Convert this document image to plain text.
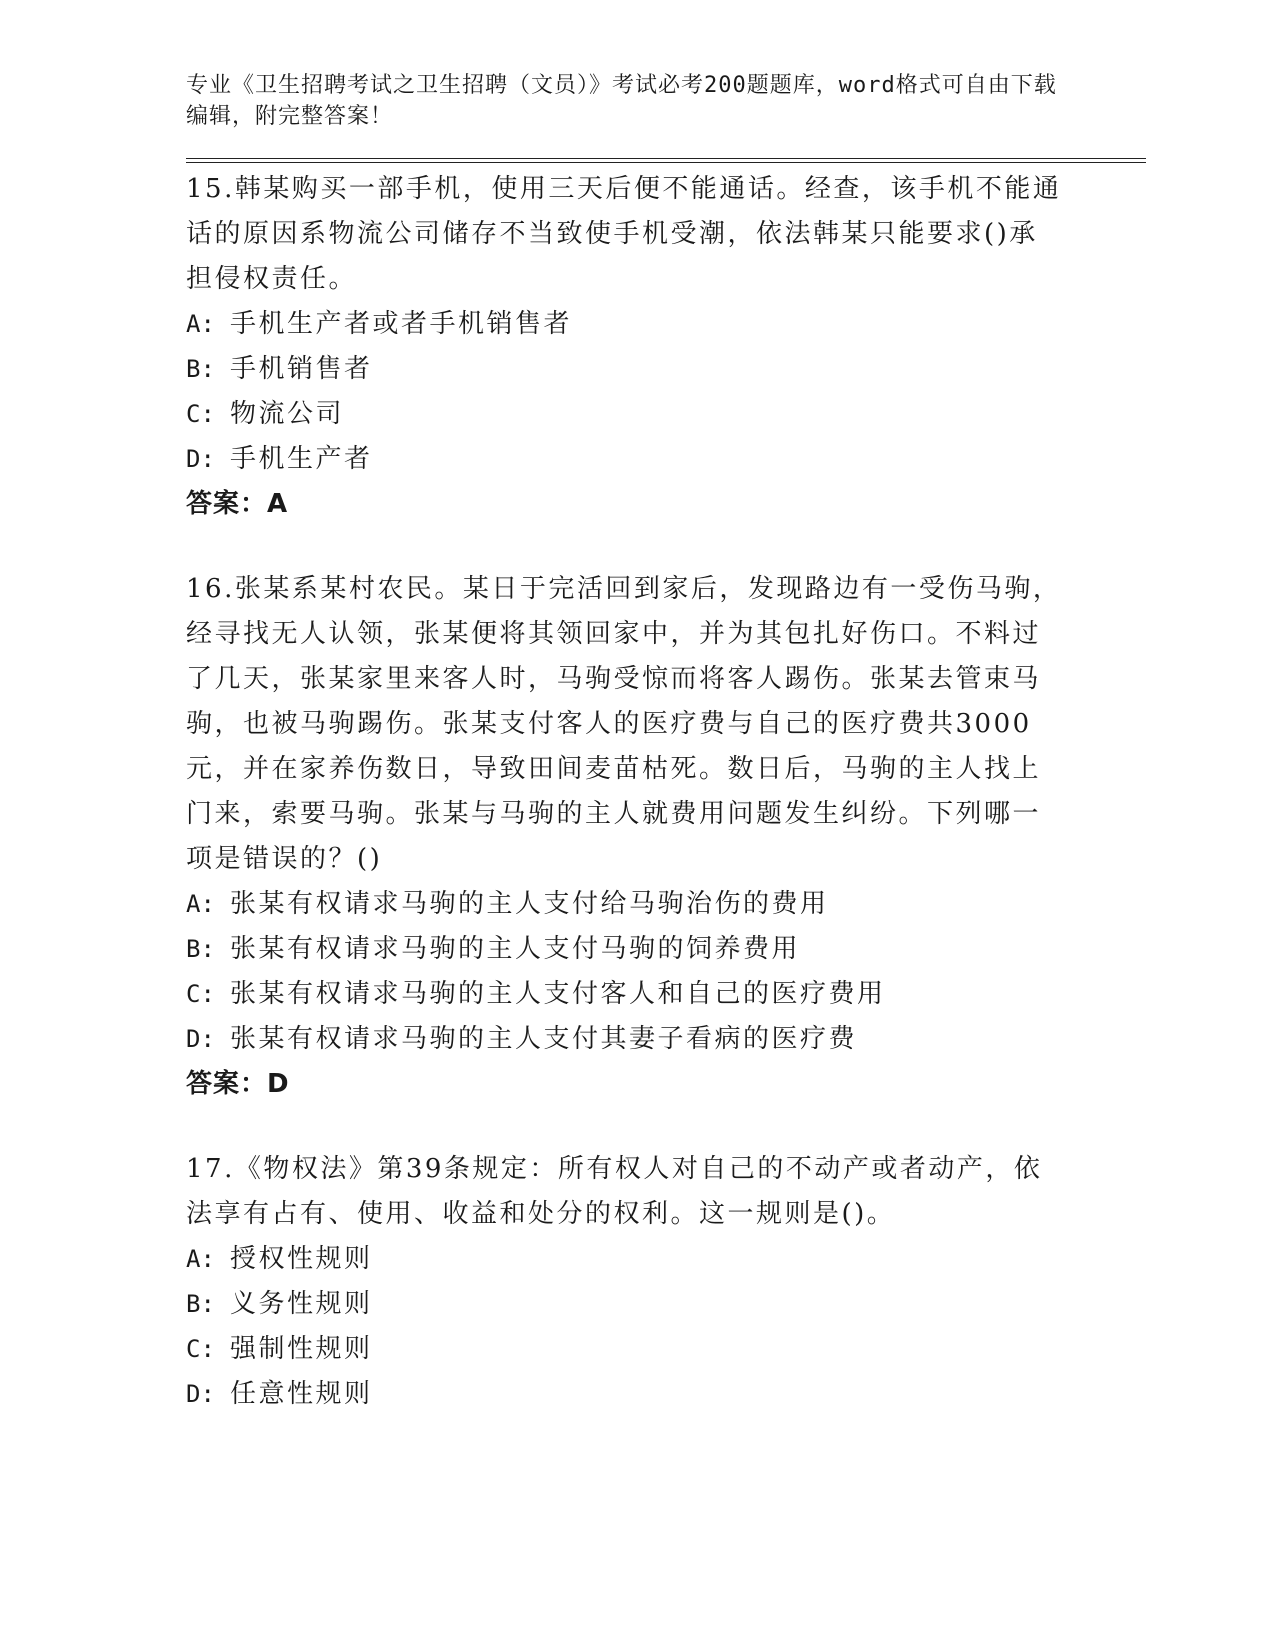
专业《卫生招聘考试之卫生招聘（文员）》考试必考200题题库，word格式可自由下载编辑，附完整答案！
15.韩某购买一部手机，使用三天后便不能通话。经查，该手机不能通话的原因系物流公司储存不当致使手机受潮，依法韩某只能要求()承担侵权责任。
A: 手机生产者或者手机销售者
B: 手机销售者
C: 物流公司
D: 手机生产者
答案：A
16.张某系某村农民。某日于完活回到家后，发现路边有一受伤马驹，经寻找无人认领，张某便将其领回家中，并为其包扎好伤口。不料过了几天，张某家里来客人时，马驹受惊而将客人踢伤。张某去管束马驹，也被马驹踢伤。张某支付客人的医疗费与自己的医疗费共3000元，并在家养伤数日，导致田间麦苗枯死。数日后，马驹的主人找上门来，索要马驹。张某与马驹的主人就费用问题发生纠纷。下列哪一项是错误的？()
A: 张某有权请求马驹的主人支付给马驹治伤的费用
B: 张某有权请求马驹的主人支付马驹的饲养费用
C: 张某有权请求马驹的主人支付客人和自己的医疗费用
D: 张某有权请求马驹的主人支付其妻子看病的医疗费
答案：D
17.《物权法》第39条规定：所有权人对自己的不动产或者动产，依法享有占有、使用、收益和处分的权利。这一规则是()。
A: 授权性规则
B: 义务性规则
C: 强制性规则
D: 任意性规则
